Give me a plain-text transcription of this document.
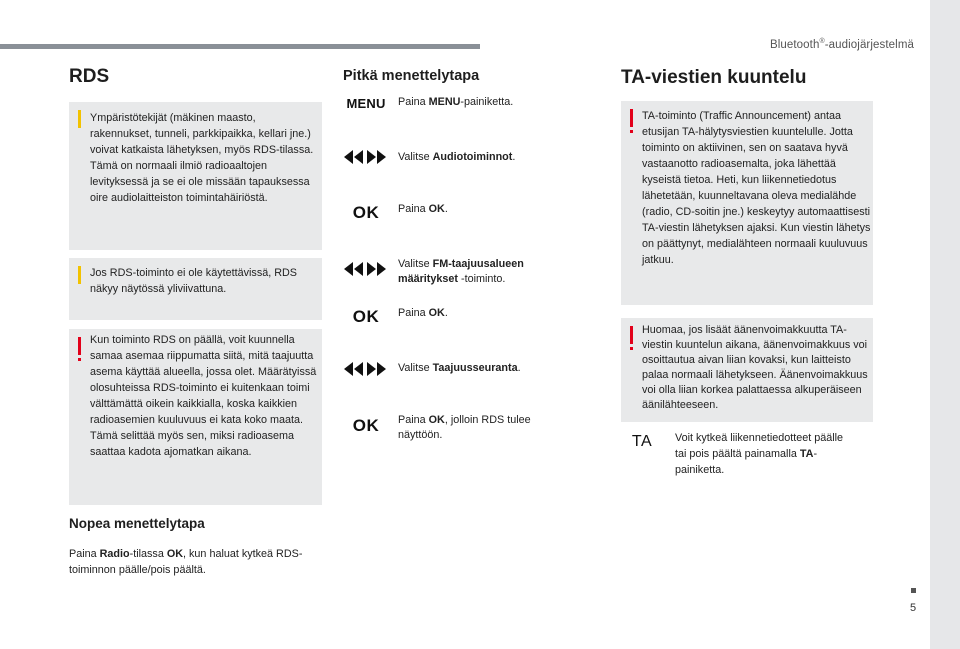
Bluetooth®-audiojärjestelmä
RDS

Ympäristötekijät (mäkinen maasto, rakennukset, tunneli, parkkipaikka, kellari jne.) voivat katkaista lähetyksen, myös RDS-tilassa. Tämä on normaali ilmiö radioaaltojen levityksessä ja se ei ole missään tapauksessa oire audiolaitteiston toimintahäiriöstä.

Jos RDS-toiminto ei ole käytettävissä, RDS näkyy näytössä yliviivattuna.

Kun toiminto RDS on päällä, voit kuunnella samaa asemaa riippumatta siitä, mitä taajuutta asema käyttää alueella, jossa olet. Määrätyissä olosuhteissa RDS-toiminto ei kuitenkaan toimi välttämättä oikein kaikkialla, koska kaikkien radioasemien kuuluvuus ei kata koko maata. Tämä selittää myös sen, miksi radioasema saattaa kadota ajomatkan aikana.

Nopea menettelytapa

Paina Radio-tilassa OK, kun haluat kytkeä RDS-toiminnon päälle/pois päältä.

Pitkä menettelytapa
MENU	Paina MENU-painiketta.
Valitse Audiotoiminnot.
OK	Paina OK.
Valitse FM-taajuusalueen määritykset -toiminto.
OK	Paina OK.
Valitse Taajuusseuranta.
OK	Paina OK, jolloin RDS tulee näyttöön.
TA-viestien kuuntelu

TA-toiminto (Traffic Announcement) antaa etusijan TA-hälytysviestien kuuntelulle. Jotta toiminto on aktiivinen, sen on saatava hyvä vastaanotto radioasemalta, joka lähettää kyseistä tietoa. Heti, kun liikennetiedotus lähetetään, kuunneltavana oleva medialähde (radio, CD-soitin jne.) keskeytyy automaattisesti TA-viestin lähetyksen ajaksi. Kun viestin lähetys on päättynyt, medialähteen normaali kuuluvuus jatkuu.

Huomaa, jos lisäät äänenvoimakkuutta TA-viestin kuuntelun aikana, äänenvoimakkuus voi osoittautua aivan liian kovaksi, kun laitteisto palaa normaali lähetykseen. Äänenvoimakkuus voi olla liian korkea palattaessa alkuperäiseen äänilähteeseen.

TA	Voit kytkeä liikennetiedotteet päälle tai pois päältä painamalla TA-painiketta.
5
